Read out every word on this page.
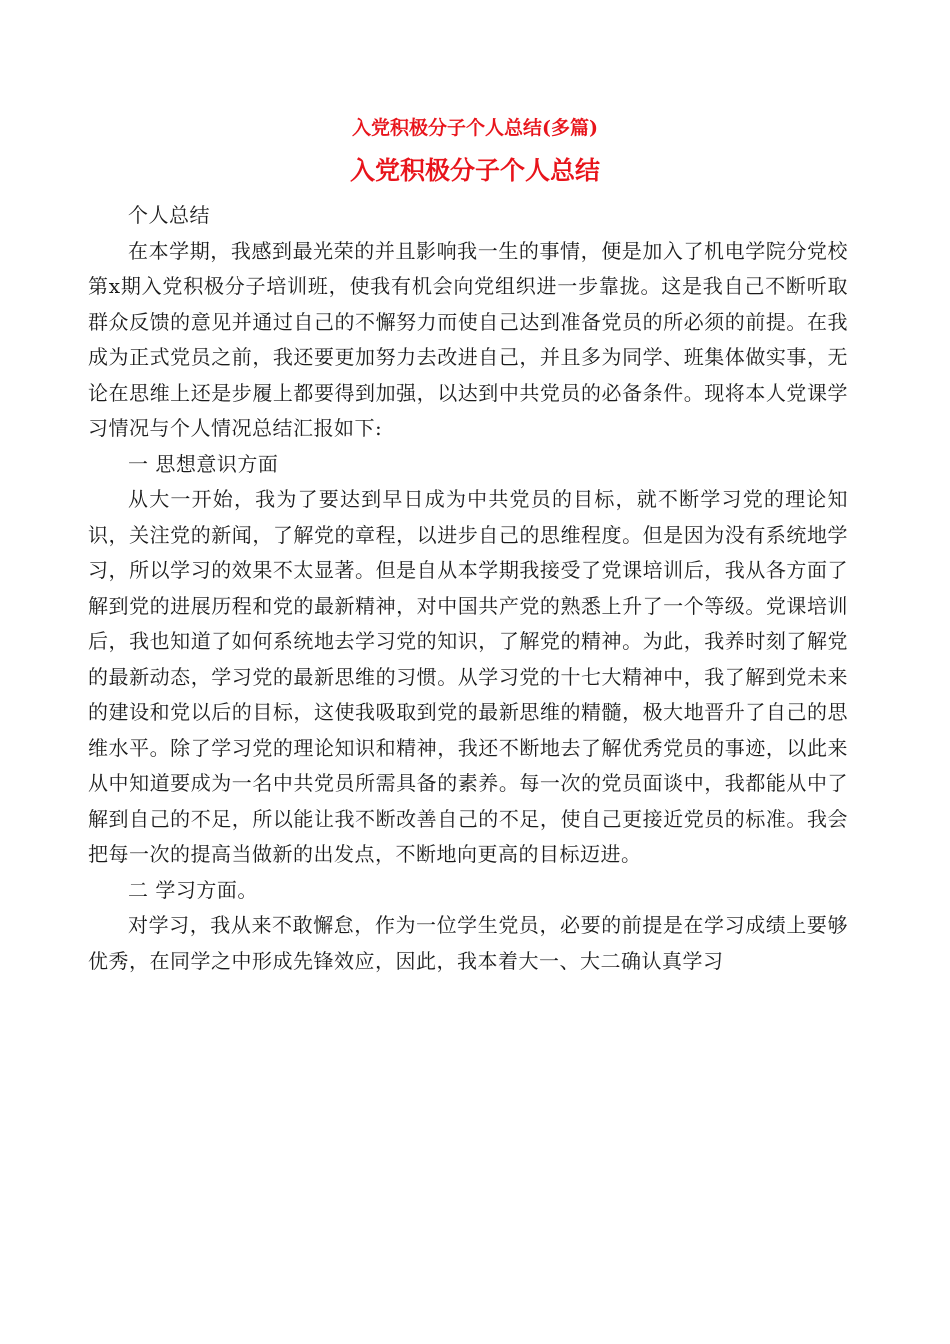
入党积极分子个人总结(多篇)
入党积极分子个人总结

个人总结

在本学期，我感到最光荣的并且影响我一生的事情，便是加入了机电学院分党校第x期入党积极分子培训班，使我有机会向党组织进一步靠拢。这是我自己不断听取群众反馈的意见并通过自己的不懈努力而使自己达到准备党员的所必须的前提。在我成为正式党员之前，我还要更加努力去改进自己，并且多为同学、班集体做实事，无论在思维上还是步履上都要得到加强，以达到中共党员的必备条件。现将本人党课学习情况与个人情况总结汇报如下:

一 思想意识方面

从大一开始，我为了要达到早日成为中共党员的目标，就不断学习党的理论知识，关注党的新闻，了解党的章程，以进步自己的思维程度。但是因为没有系统地学习，所以学习的效果不太显著。但是自从本学期我接受了党课培训后，我从各方面了解到党的进展历程和党的最新精神，对中国共产党的熟悉上升了一个等级。党课培训后，我也知道了如何系统地去学习党的知识，了解党的精神。为此，我养时刻了解党的最新动态，学习党的最新思维的习惯。从学习党的十七大精神中，我了解到党未来的建设和党以后的目标，这使我吸取到党的最新思维的精髓，极大地晋升了自己的思维水平。除了学习党的理论知识和精神，我还不断地去了解优秀党员的事迹，以此来从中知道要成为一名中共党员所需具备的素养。每一次的党员面谈中，我都能从中了解到自己的不足，所以能让我不断改善自己的不足，使自己更接近党员的标准。我会把每一次的提高当做新的出发点，不断地向更高的目标迈进。

二 学习方面。

对学习，我从来不敢懈怠，作为一位学生党员，必要的前提是在学习成绩上要够优秀，在同学之中形成先锋效应，因此，我本着大一、大二确认真学习
